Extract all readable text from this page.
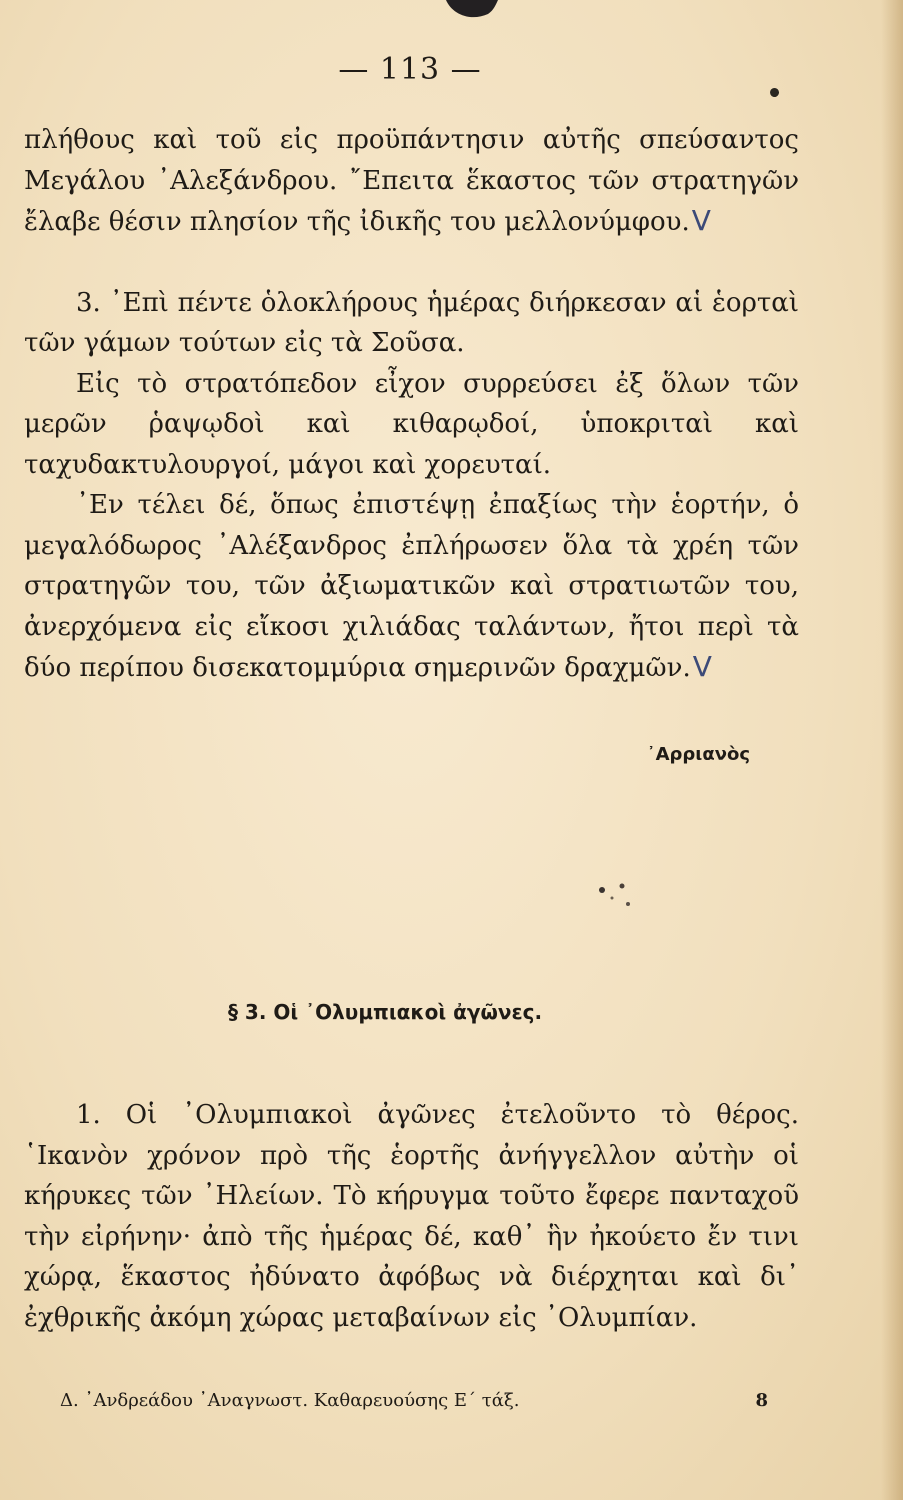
— 113 —

πλήθους καὶ τοῦ εἰς προϋπάντησιν αὐτῆς σπεύσαντος Μεγάλου ᾿Αλεξάνδρου. ῎Επειτα ἕκαστος τῶν στρατηγῶν ἔλαβε θέσιν πλησίον τῆς ἰδικῆς του μελλονύμφου.V

3. ᾿Επὶ πέντε ὁλοκλήρους ἡμέρας διήρκεσαν αἱ ἑορταὶ τῶν γάμων τούτων εἰς τὰ Σοῦσα.

Εἰς τὸ στρατόπεδον εἶχον συρρεύσει ἐξ ὅλων τῶν μερῶν ῥαψῳδοὶ καὶ κιθαρῳδοί, ὑποκριταὶ καὶ ταχυδακτυλουργοί, μάγοι καὶ χορευταί.

᾿Εν τέλει δέ, ὅπως ἐπιστέψῃ ἐπαξίως τὴν ἑορτήν, ὁ μεγαλόδωρος ᾿Αλέξανδρος ἐπλήρωσεν ὅλα τὰ χρέη τῶν στρατηγῶν του, τῶν ἀξιωματικῶν καὶ στρατιωτῶν του, ἀνερχόμενα εἰς εἴκοσι χιλιάδας ταλάντων, ἤτοι περὶ τὰ δύο περίπου δισεκατομμύρια σημερινῶν δραχμῶν.V

᾿Αρριανὸς
§ 3. Οἱ ᾿Ολυμπιακοὶ ἀγῶνες.

1. Οἱ ᾿Ολυμπιακοὶ ἀγῶνες ἐτελοῦντο τὸ θέρος. ῾Ικανὸν χρόνον πρὸ τῆς ἑορτῆς ἀνήγγελλον αὐτὴν οἱ κήρυκες τῶν ᾿Ηλείων. Τὸ κήρυγμα τοῦτο ἔφερε πανταχοῦ τὴν εἰρήνην· ἀπὸ τῆς ἡμέρας δέ, καθ᾿ ἣν ἠκούετο ἔν τινι χώρᾳ, ἕκαστος ἠδύνατο ἀφόβως νὰ διέρχηται καὶ δι᾿ ἐχθρικῆς ἀκόμη χώρας μεταβαίνων εἰς ᾿Ολυμπίαν.

Δ. ᾿Ανδρεάδου ᾿Αναγνωστ. Καθαρευούσης Ε΄ τάξ.	8
